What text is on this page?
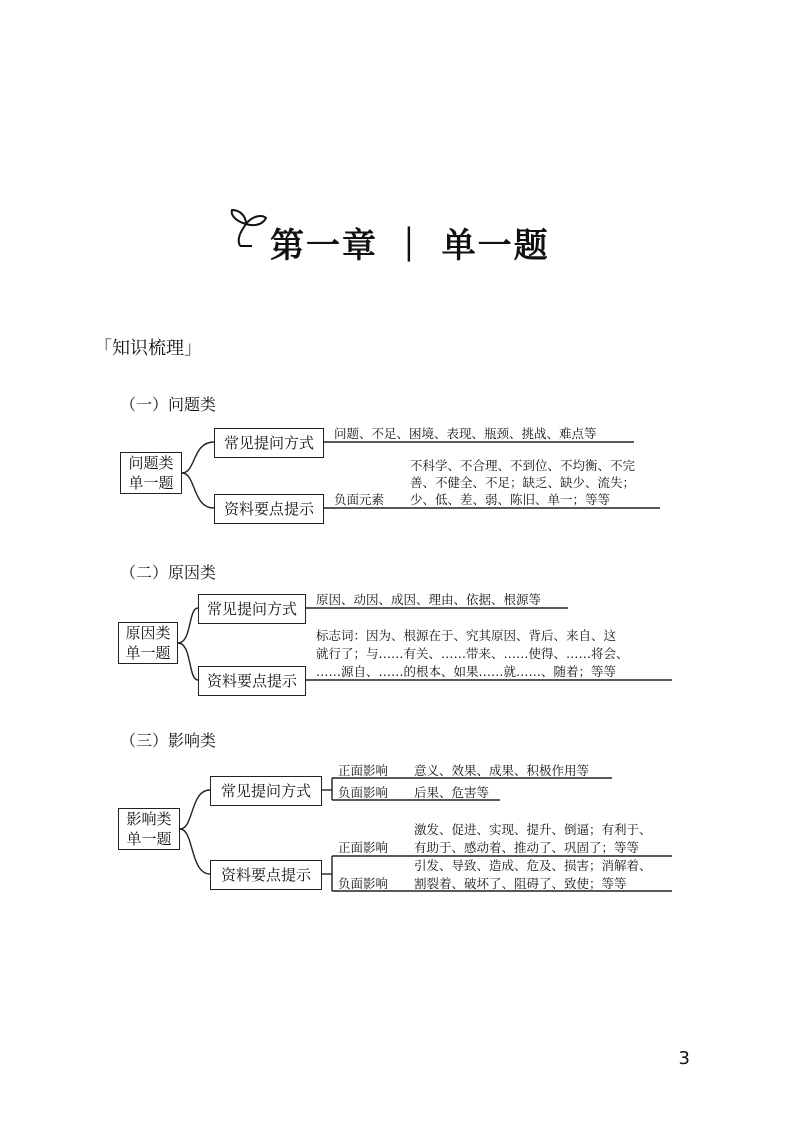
第一章 ｜ 单一题
「知识梳理」
（一）问题类
问题类
单一题
常见提问方式
问题、不足、困境、表现、瓶颈、挑战、难点等
资料要点提示
负面元素
不科学、不合理、不到位、不均衡、不完
善、不健全、不足；缺乏、缺少、流失；
少、低、差、弱、陈旧、单一；等等
（二）原因类
原因类
单一题
常见提问方式
原因、动因、成因、理由、依据、根源等
资料要点提示
标志词：因为、根源在于、究其原因、背后、来自、这
就行了；与……有关、……带来、……使得、……将会、
……源自、……的根本、如果……就……、随着；等等
（三）影响类
影响类
单一题
常见提问方式
正面影响 意义、效果、成果、积极作用等
负面影响 后果、危害等
资料要点提示
正面影响
激发、促进、实现、提升、倒逼；有利于、
有助于、感动着、推动了、巩固了；等等
负面影响
引发、导致、造成、危及、损害；消解着、
割裂着、破坏了、阻碍了、致使；等等
3
